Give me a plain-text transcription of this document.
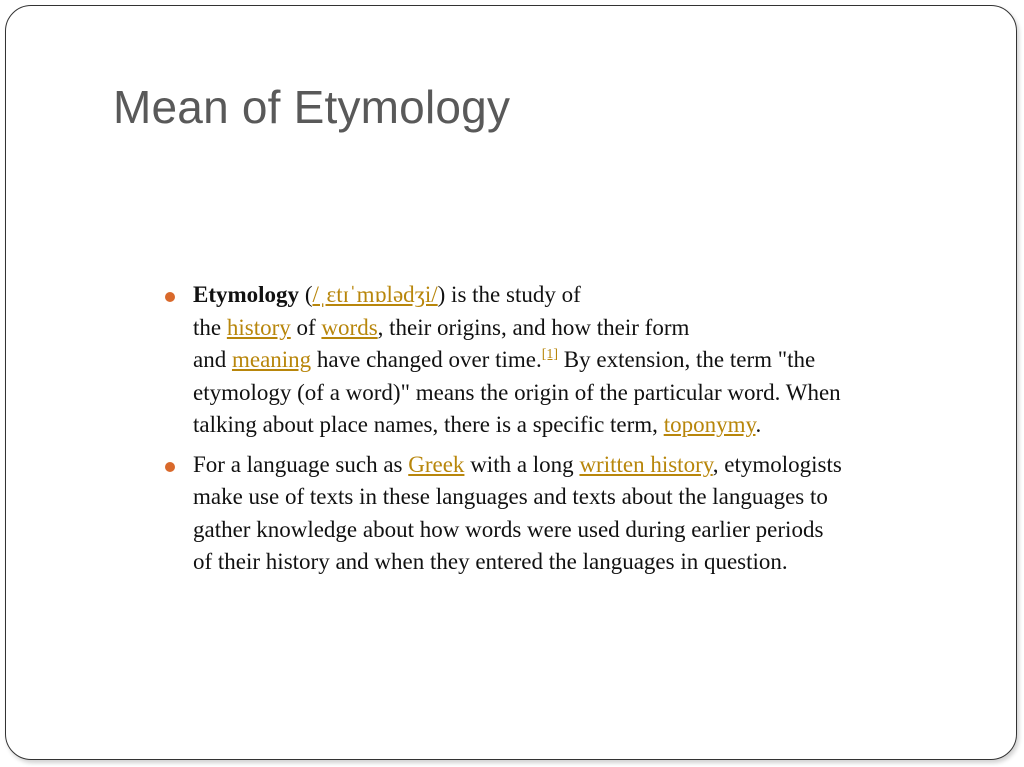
Mean of Etymology
Etymology (/ˌɛtɪˈmɒlədʒi/) is the study of
the history of words, their origins, and how their form
and meaning have changed over time.[1] By extension, the term "the etymology (of a word)" means the origin of the particular word. When talking about place names, there is a specific term, toponymy.
For a language such as Greek with a long written history, etymologists make use of texts in these languages and texts about the languages to gather knowledge about how words were used during earlier periods of their history and when they entered the languages in question.
